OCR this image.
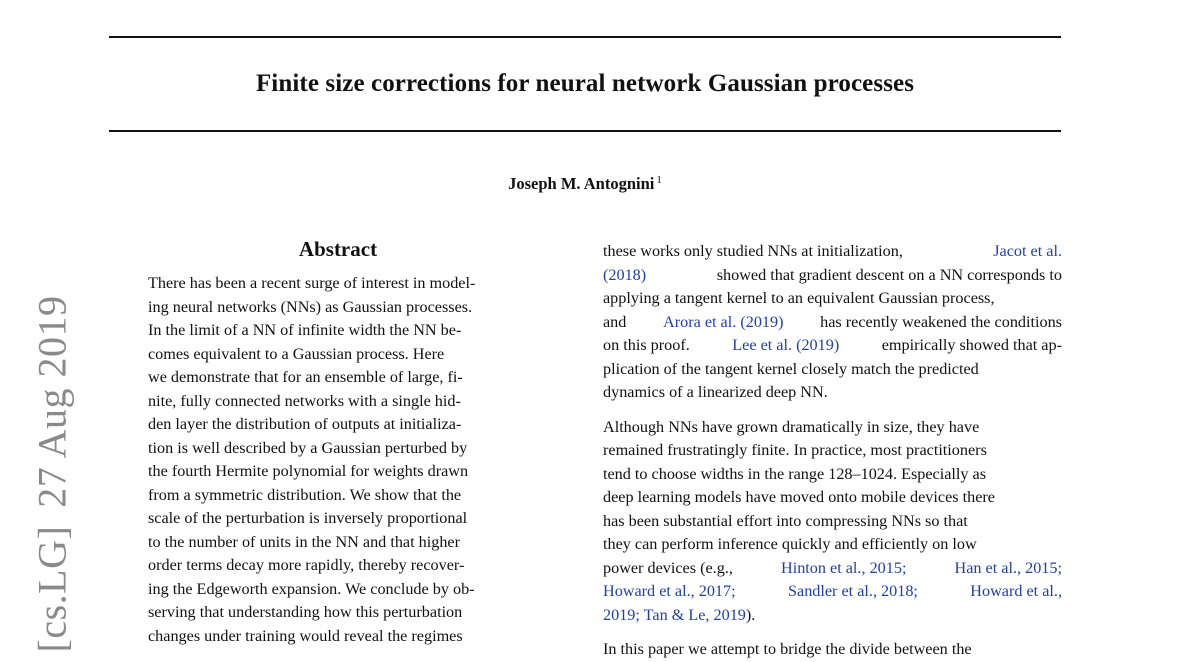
Finite size corrections for neural network Gaussian processes
Joseph M. Antognini $^1$
[cs.LG]27 Aug 2019
Abstract
There has been a recent surge of interest in model-
ing neural networks (NNs) as Gaussian processes.
In the limit of a NN of infinite width the NN be-
comes equivalent to a Gaussian process. Here
we demonstrate that for an ensemble of large, fi-
nite, fully connected networks with a single hid-
den layer the distribution of outputs at initializa-
tion is well described by a Gaussian perturbed by
the fourth Hermite polynomial for weights drawn
from a symmetric distribution. We show that the
scale of the perturbation is inversely proportional
to the number of units in the NN and that higher
order terms decay more rapidly, thereby recover-
ing the Edgeworth expansion. We conclude by ob-
serving that understanding how this perturbation
changes under training would reveal the regimes
these works only studied NNs at initialization,	Jacot et al.
(2018)	showed that gradient descent on a NN corresponds to
applying a tangent kernel to an equivalent Gaussian process,
and Arora et al. (2019) has recently weakened the conditions
on this proof.	Lee et al. (2019)	empirically showed that ap-
plication of the tangent kernel closely match the predicted
dynamics of a linearized deep NN.
Although NNs have grown dramatically in size, they have
remained frustratingly finite. In practice, most practitioners
tend to choose widths in the range 128–1024. Especially as
deep learning models have moved onto mobile devices there
has been substantial effort into compressing NNs so that
they can perform inference quickly and efficiently on low
power devices (e.g.,	Hinton et al., 2015;	Han et al., 2015;
Howard et al., 2017;	Sandler et al., 2018;	Howard et al.,
2019; Tan & Le, 2019 ).
In this paper we attempt to bridge the divide between the
